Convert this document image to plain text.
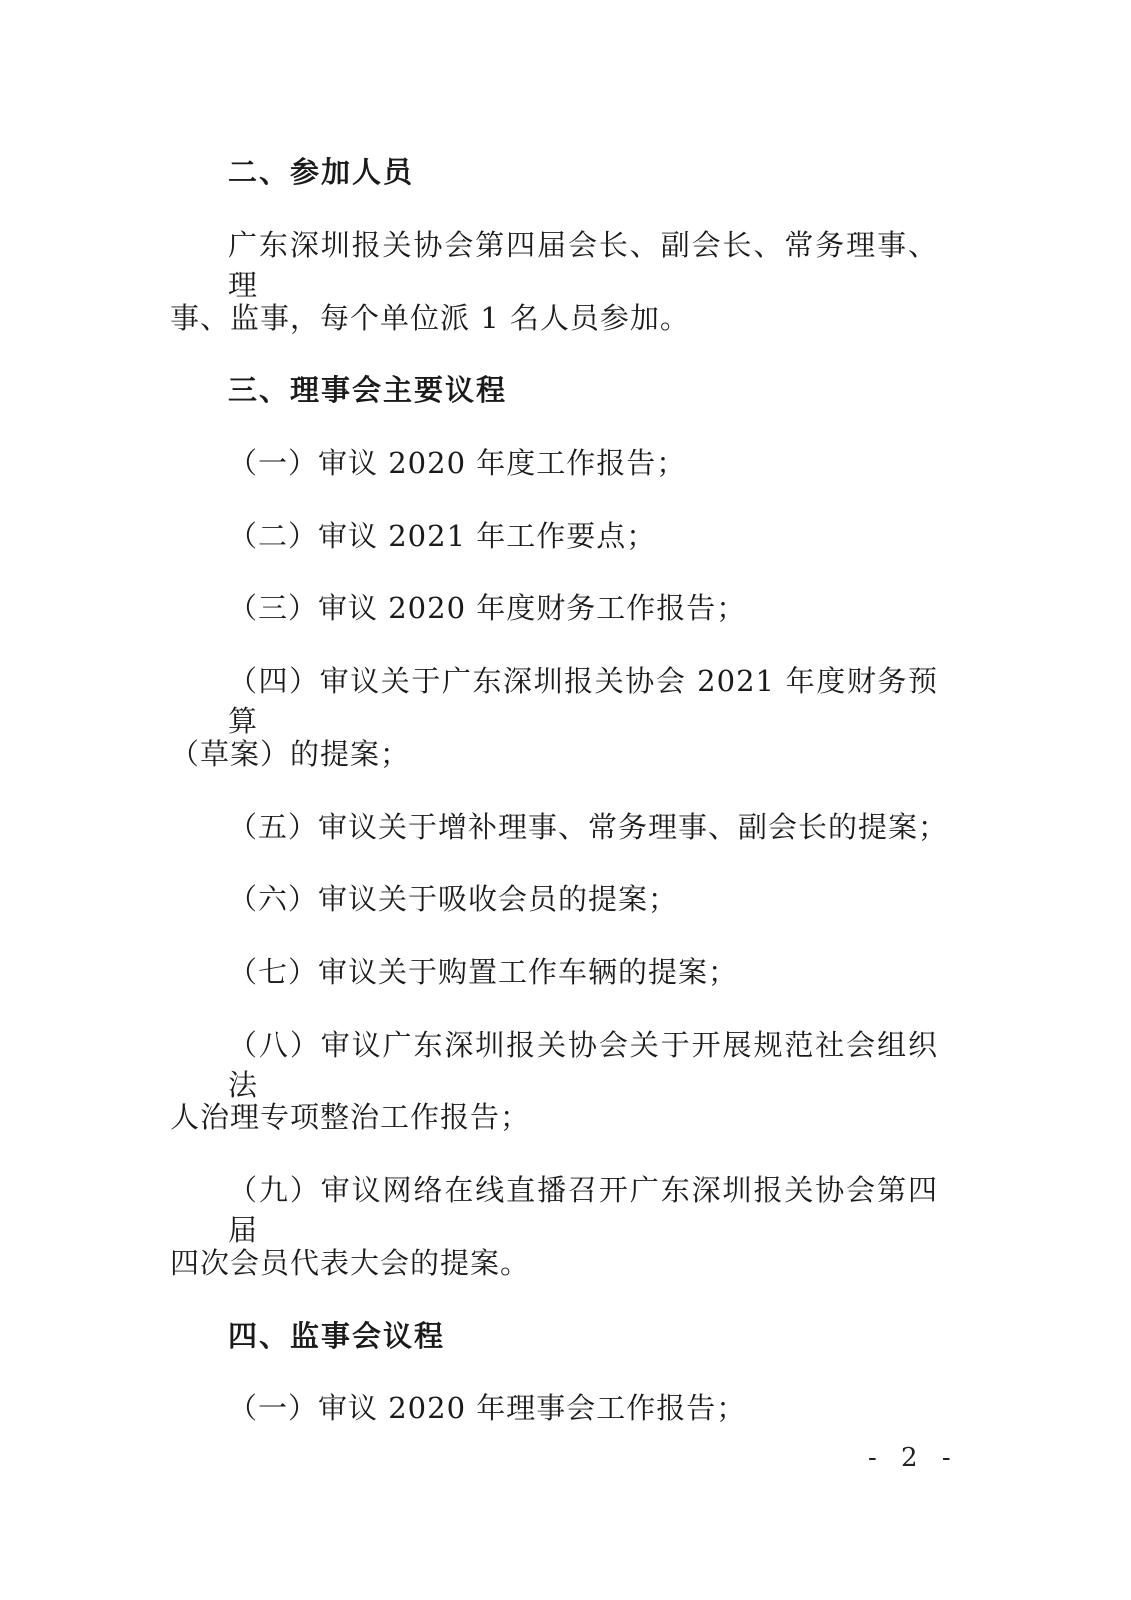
二、参加人员
广东深圳报关协会第四届会长、副会长、常务理事、理
事、监事，每个单位派 1 名人员参加。
三、理事会主要议程
（一）审议 2020 年度工作报告；
（二）审议 2021 年工作要点；
（三）审议 2020 年度财务工作报告；
（四）审议关于广东深圳报关协会 2021 年度财务预算
（草案）的提案；
（五）审议关于增补理事、常务理事、副会长的提案；
（六）审议关于吸收会员的提案；
（七）审议关于购置工作车辆的提案；
（八）审议广东深圳报关协会关于开展规范社会组织法
人治理专项整治工作报告；
（九）审议网络在线直播召开广东深圳报关协会第四届
四次会员代表大会的提案。
四、监事会议程
（一）审议 2020 年理事会工作报告；
- 2 -
